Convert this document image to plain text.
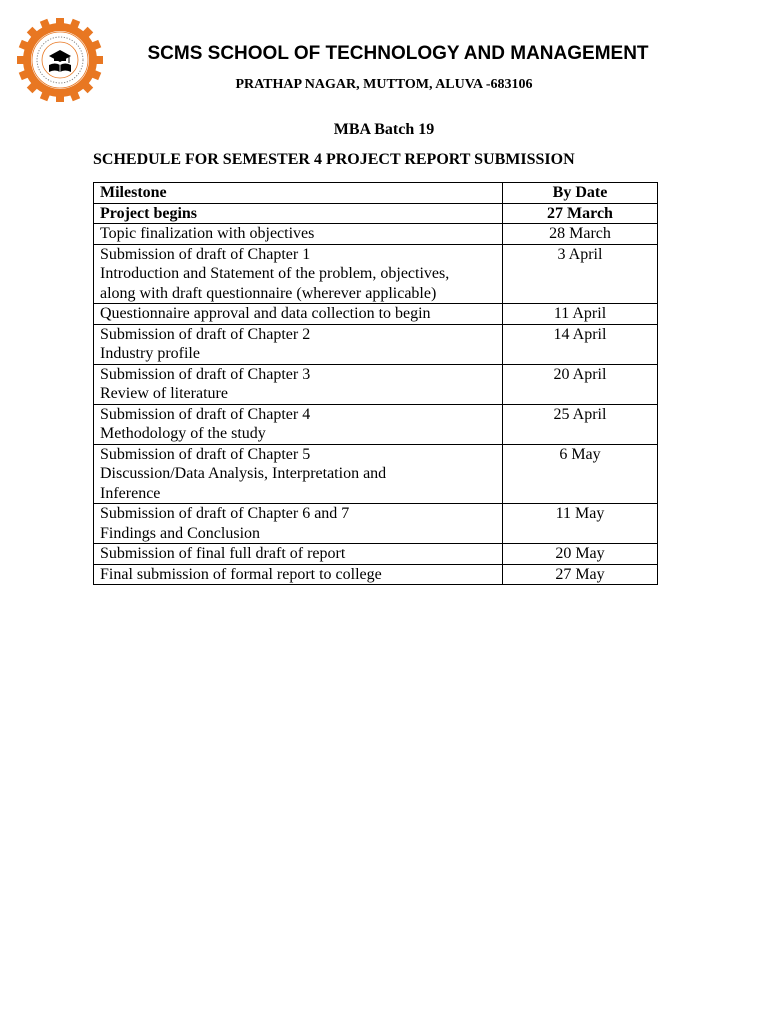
SCMS SCHOOL OF TECHNOLOGY AND MANAGEMENT
PRATHAP NAGAR, MUTTOM, ALUVA -683106
MBA Batch 19
SCHEDULE FOR SEMESTER 4 PROJECT REPORT SUBMISSION
Milestone	By Date

Project begins	27 March

Topic finalization with objectives	28 March

Submission of draft of Chapter 1
Introduction and Statement of the problem, objectives,
along with draft questionnaire (wherever applicable)	3 April

Questionnaire approval and data collection to begin	11 April

Submission of draft of Chapter 2
Industry profile	14 April

Submission of draft of Chapter 3
Review of literature	20 April

Submission of draft of Chapter 4
Methodology of the study	25 April

Submission of draft of Chapter 5
Discussion/Data Analysis, Interpretation and
Inference	6 May

Submission of draft of Chapter 6 and 7
Findings and Conclusion	11 May

Submission of final full draft of report	20 May

Final submission of formal report to college	27 May
